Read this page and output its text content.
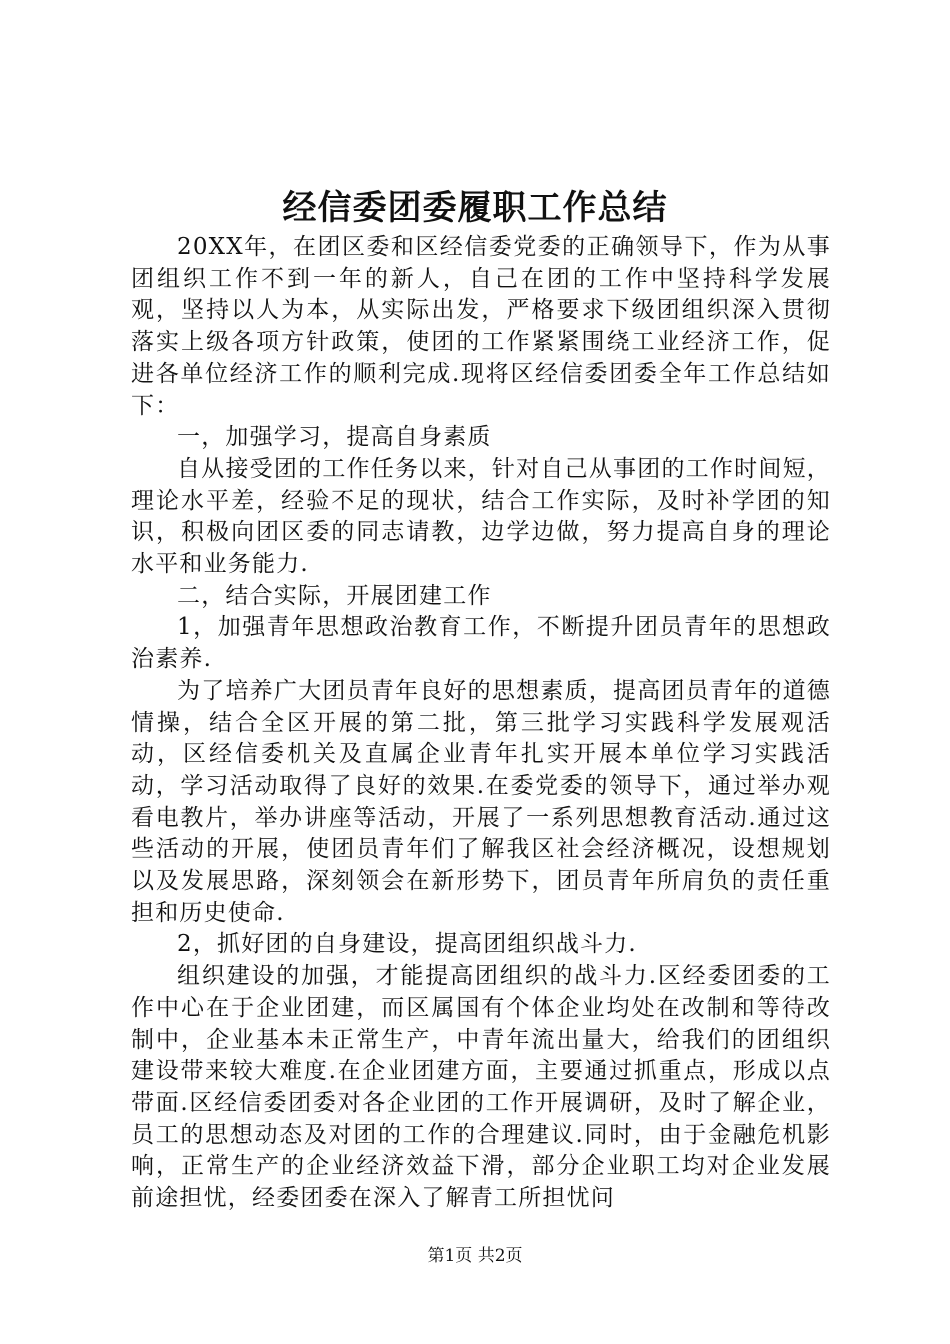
经信委团委履职工作总结

20XX年，在团区委和区经信委党委的正确领导下，作为从事团组织工作不到一年的新人，自己在团的工作中坚持科学发展观，坚持以人为本，从实际出发，严格要求下级团组织深入贯彻落实上级各项方针政策，使团的工作紧紧围绕工业经济工作，促进各单位经济工作的顺利完成.现将区经信委团委全年工作总结如下：

一，加强学习，提高自身素质

自从接受团的工作任务以来，针对自己从事团的工作时间短，理论水平差，经验不足的现状，结合工作实际，及时补学团的知识，积极向团区委的同志请教，边学边做，努力提高自身的理论水平和业务能力.

二，结合实际，开展团建工作

1，加强青年思想政治教育工作，不断提升团员青年的思想政治素养.

为了培养广大团员青年良好的思想素质，提高团员青年的道德情操，结合全区开展的第二批，第三批学习实践科学发展观活动，区经信委机关及直属企业青年扎实开展本单位学习实践活动，学习活动取得了良好的效果.在委党委的领导下，通过举办观看电教片，举办讲座等活动，开展了一系列思想教育活动.通过这些活动的开展，使团员青年们了解我区社会经济概况，设想规划以及发展思路，深刻领会在新形势下，团员青年所肩负的责任重担和历史使命.

2，抓好团的自身建设，提高团组织战斗力.

组织建设的加强，才能提高团组织的战斗力.区经委团委的工作中心在于企业团建，而区属国有个体企业均处在改制和等待改制中，企业基本未正常生产，中青年流出量大，给我们的团组织建设带来较大难度.在企业团建方面，主要通过抓重点，形成以点带面.区经信委团委对各企业团的工作开展调研，及时了解企业，员工的思想动态及对团的工作的合理建议.同时，由于金融危机影响，正常生产的企业经济效益下滑，部分企业职工均对企业发展前途担忧，经委团委在深入了解青工所担忧问

第1页 共2页
